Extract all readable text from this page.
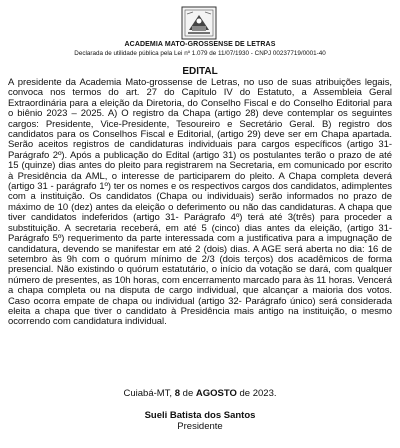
ACADEMIA MATO-GROSSENSE DE LETRAS
Declarada de utilidade pública pela Lei nº 1.079 de 11/07/1930 - CNPJ 00237719/0001-40
EDITAL

A presidente da Academia Mato-grossense de Letras, no uso de suas atribuições legais, convoca nos termos do art. 27 do Capítulo IV do Estatuto, a Assembleia Geral Extraordinária para a eleição da Diretoria, do Conselho Fiscal e do Conselho Editorial para o biênio 2023 – 2025. A) O registro da Chapa (artigo 28) deve contemplar os seguintes cargos: Presidente, Vice-Presidente, Tesoureiro e Secretário Geral. B) registro dos candidatos para os Conselhos Fiscal e Editorial, (artigo 29) deve ser em Chapa apartada. Serão aceitos registros de candidaturas individuais para cargos específicos (artigo 31- Parágrafo 2º). Após a publicação do Edital (artigo 31) os postulantes terão o prazo de até 15 (quinze) dias antes do pleito para registrarem na Secretaria, em comunicado por escrito à Presidência da AML, o interesse de participarem do pleito. A Chapa completa deverá (artigo 31 - parágrafo 1º) ter os nomes e os respectivos cargos dos candidatos, adimplentes com a instituição. Os candidatos (Chapa ou individuais) serão informados no prazo de máximo de 10 (dez) antes da eleição o deferimento ou não das candidaturas. A chapa que tiver candidatos indeferidos (artigo 31- Parágrafo 4º) terá até 3(três) para proceder a substituição. A secretaria receberá, em até 5 (cinco) dias antes da eleição, (artigo 31- Parágrafo 5º) requerimento da parte interessada com a justificativa para a impugnação de candidatura, devendo se manifestar em até 2 (dois) dias. A AGE será aberta no dia: 16 de setembro às 9h com o quórum mínimo de 2/3 (dois terços) dos acadêmicos de forma presencial. Não existindo o quórum estatutário, o início da votação se dará, com qualquer número de presentes, as 10h horas, com encerramento marcado para às 11 horas. Vencerá a chapa completa ou na disputa de cargo individual, que alcançar a maioria dos votos. Caso ocorra empate de chapa ou individual (artigo 32- Parágrafo único) será considerada eleita a chapa que tiver o candidato à Presidência mais antigo na instituição, o mesmo ocorrendo com candidatura individual.

Cuiabá-MT, 8 de AGOSTO de 2023.
Sueli Batista dos Santos
Presidente
